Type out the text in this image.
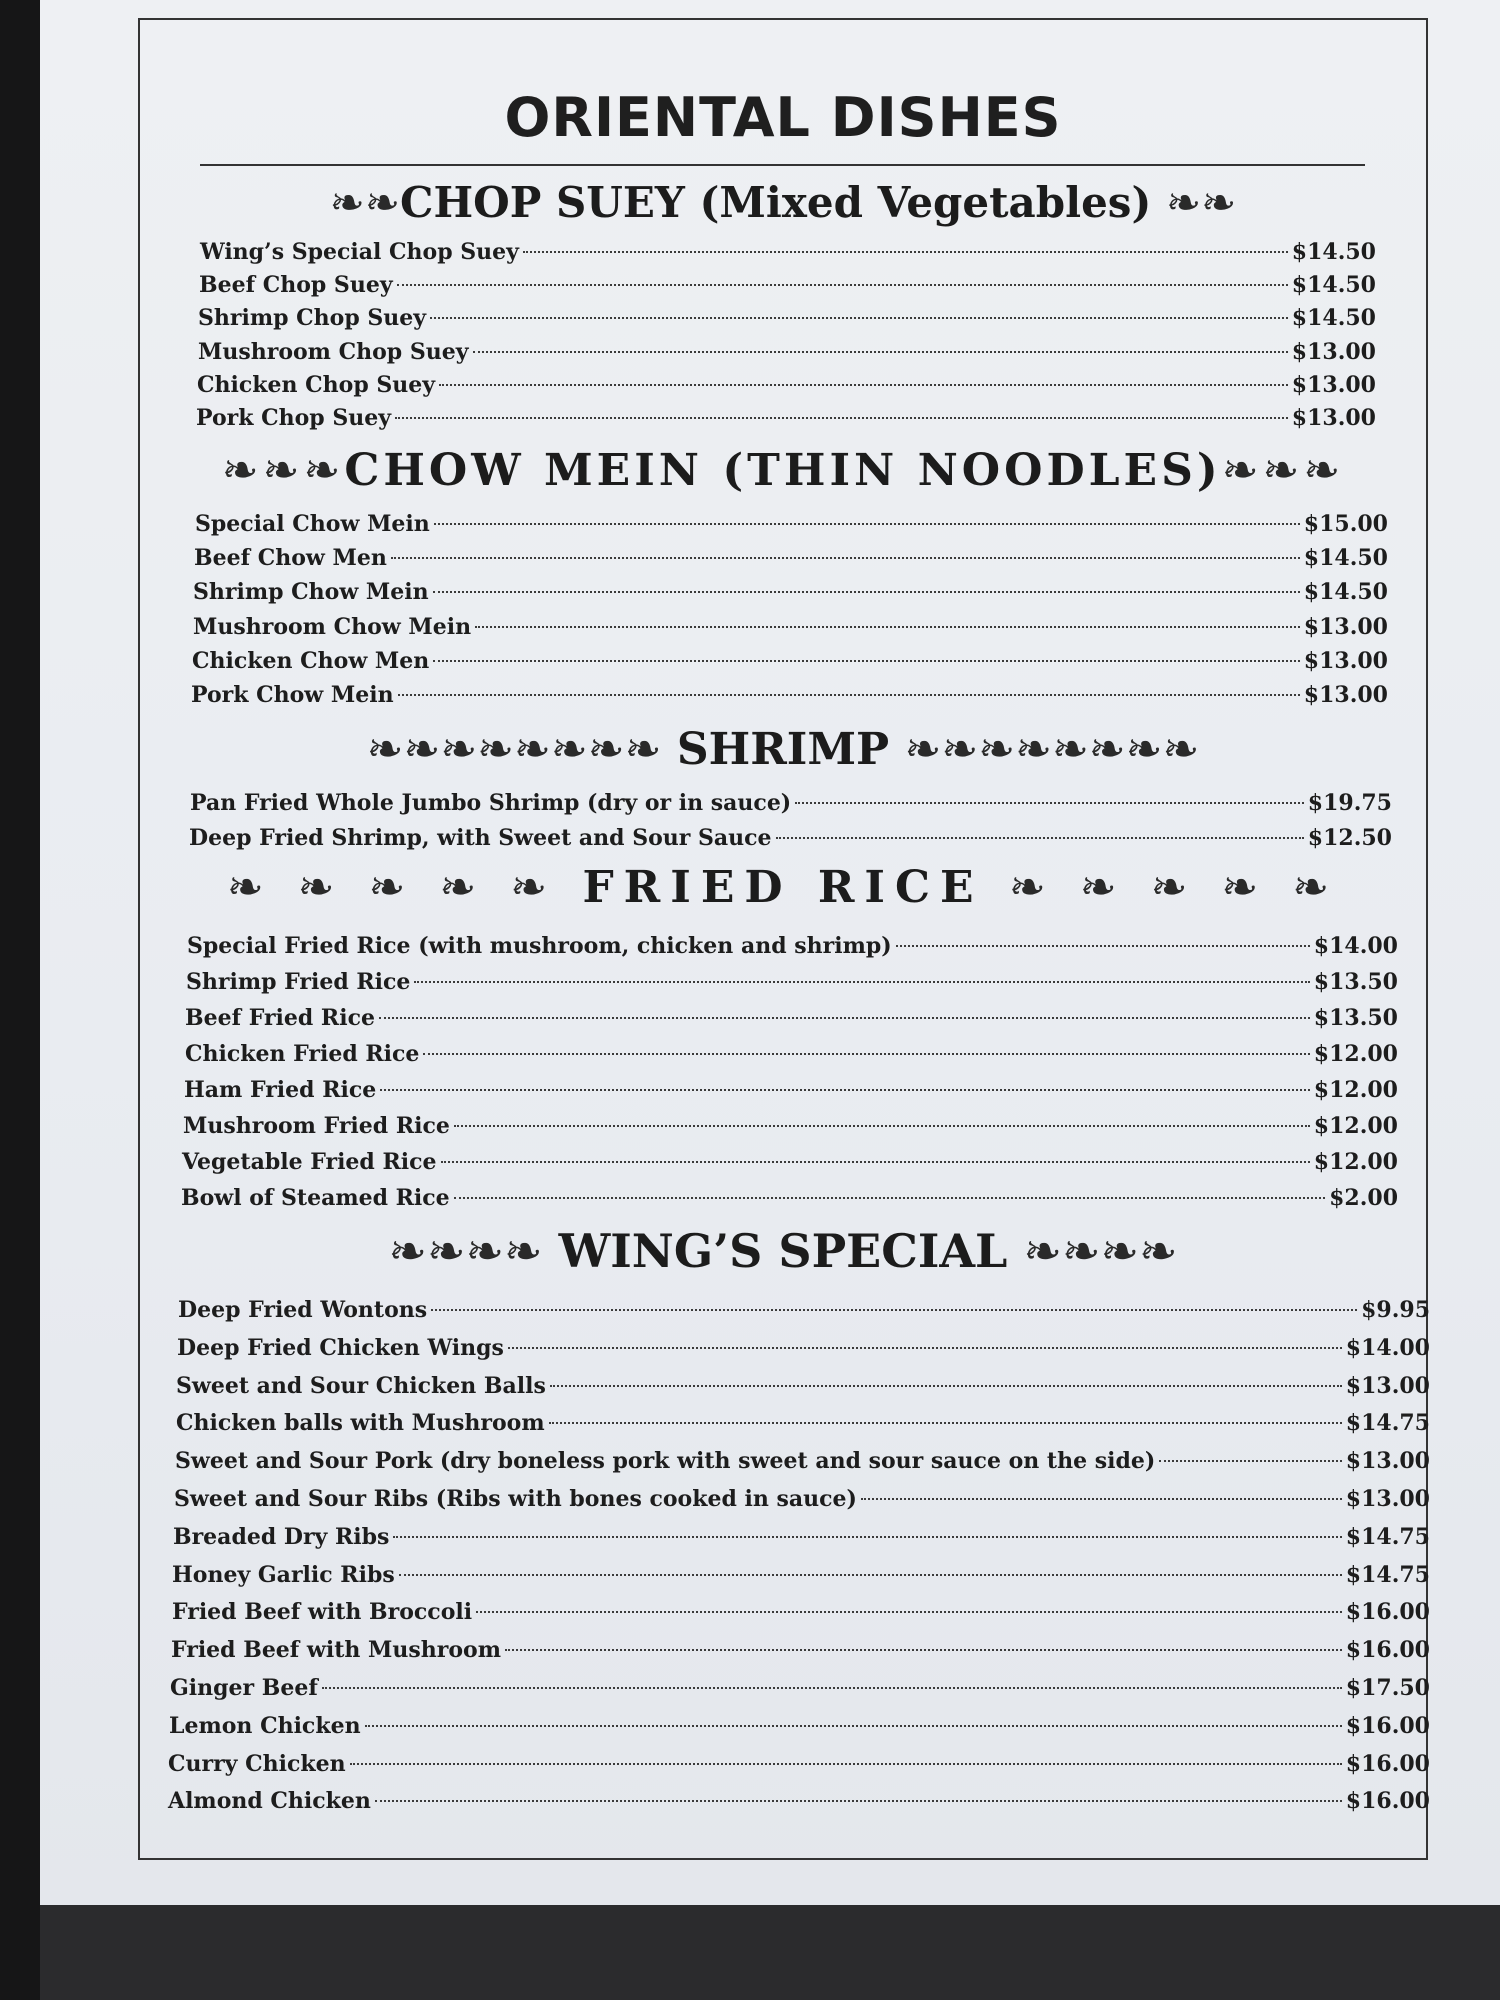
ORIENTAL DISHES
❧❧CHOP SUEY (Mixed Vegetables) ❧❧
Wing’s Special Chop Suey	$14.50
Beef Chop Suey	$14.50
Shrimp Chop Suey	$14.50
Mushroom Chop Suey	$13.00
Chicken Chop Suey	$13.00
Pork Chop Suey	$13.00
❧❧❧CHOW MEIN (THIN NOODLES)❧❧❧
Special Chow Mein	$15.00
Beef Chow Men	$14.50
Shrimp Chow Mein	$14.50
Mushroom Chow Mein	$13.00
Chicken Chow Men	$13.00
Pork Chow Mein	$13.00
❧❧❧❧❧❧❧❧ SHRIMP ❧❧❧❧❧❧❧❧
Pan Fried Whole Jumbo Shrimp (dry or in sauce)	$19.75
Deep Fried Shrimp, with Sweet and Sour Sauce	$12.50
❧ ❧ ❧ ❧ ❧ FRIED RICE ❧ ❧ ❧ ❧ ❧
Special Fried Rice (with mushroom, chicken and shrimp)	$14.00
Shrimp Fried Rice	$13.50
Beef Fried Rice	$13.50
Chicken Fried Rice	$12.00
Ham Fried Rice	$12.00
Mushroom Fried Rice	$12.00
Vegetable Fried Rice	$12.00
Bowl of Steamed Rice	$2.00
❧❧❧❧ WING’S SPECIAL ❧❧❧❧
Deep Fried Wontons	$9.95
Deep Fried Chicken Wings	$14.00
Sweet and Sour Chicken Balls	$13.00
Chicken balls with Mushroom	$14.75
Sweet and Sour Pork (dry boneless pork with sweet and sour sauce on the side)	$13.00
Sweet and Sour Ribs (Ribs with bones cooked in sauce)	$13.00
Breaded Dry Ribs	$14.75
Honey Garlic Ribs	$14.75
Fried Beef with Broccoli	$16.00
Fried Beef with Mushroom	$16.00
Ginger Beef	$17.50
Lemon Chicken	$16.00
Curry Chicken	$16.00
Almond Chicken	$16.00
